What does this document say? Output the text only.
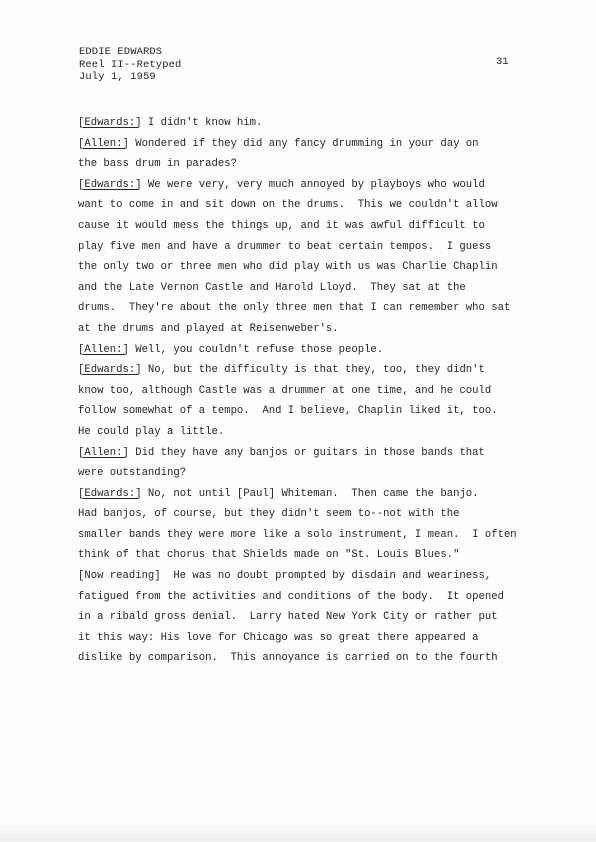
EDDIE EDWARDS
Reel II--Retyped
July 1, 1959
31
[Edwards:] I didn't know him.
[Allen:] Wondered if they did any fancy drumming in your day on
the bass drum in parades?
[Edwards:] We were very, very much annoyed by playboys who would
want to come in and sit down on the drums.  This we couldn't allow
cause it would mess the things up, and it was awful difficult to
play five men and have a drummer to beat certain tempos.  I guess
the only two or three men who did play with us was Charlie Chaplin
and the Late Vernon Castle and Harold Lloyd.  They sat at the
drums.  They're about the only three men that I can remember who sat
at the drums and played at Reisenweber's.
[Allen:] Well, you couldn't refuse those people.
[Edwards:] No, but the difficulty is that they, too, they didn't
know too, although Castle was a drummer at one time, and he could
follow somewhat of a tempo.  And I believe, Chaplin liked it, too.
He could play a little.
[Allen:] Did they have any banjos or guitars in those bands that
were outstanding?
[Edwards:] No, not until [Paul] Whiteman.  Then came the banjo.
Had banjos, of course, but they didn't seem to--not with the
smaller bands they were more like a solo instrument, I mean.  I often
think of that chorus that Shields made on "St. Louis Blues."
[Now reading]  He was no doubt prompted by disdain and weariness,
fatigued from the activities and conditions of the body.  It opened
in a ribald gross denial.  Larry hated New York City or rather put
it this way: His love for Chicago was so great there appeared a
dislike by comparison.  This annoyance is carried on to the fourth
